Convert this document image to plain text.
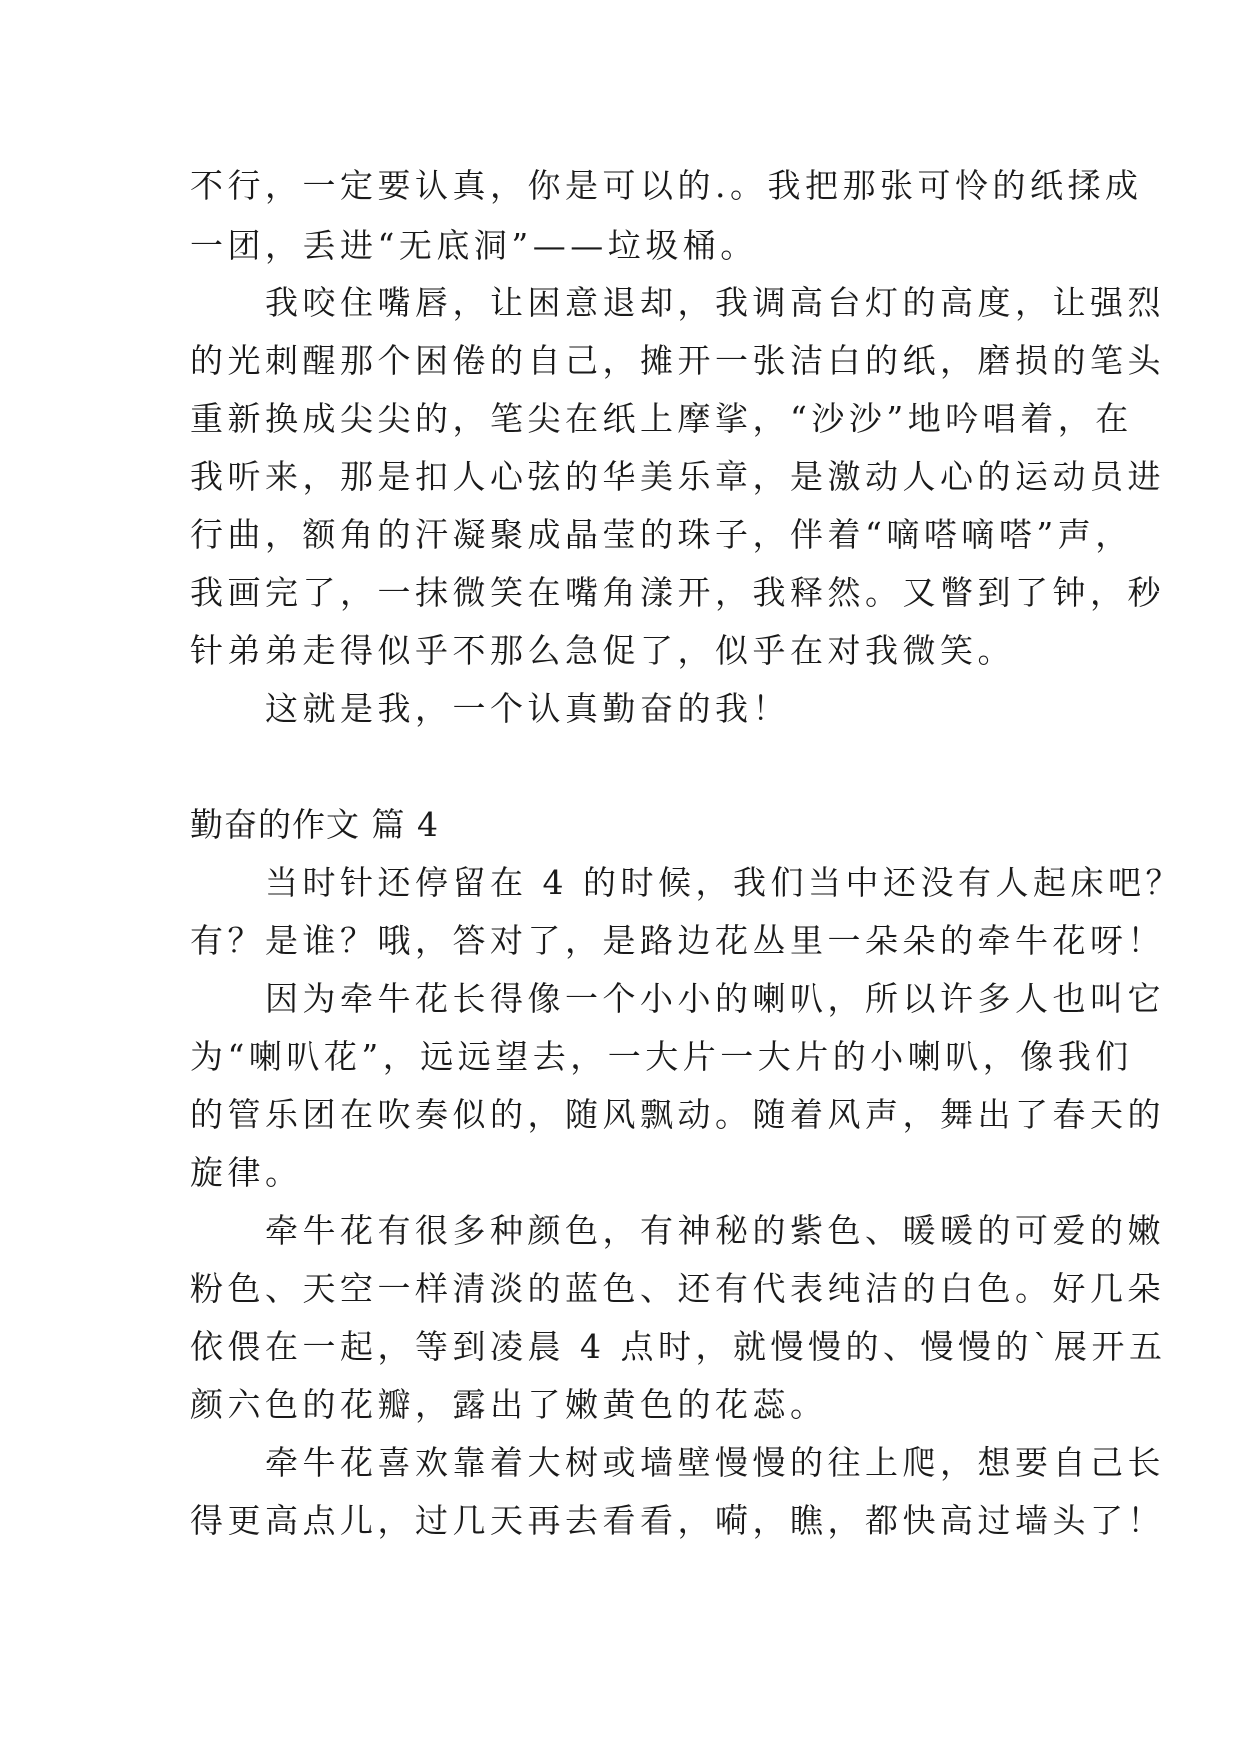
不行，一定要认真，你是可以的.。我把那张可怜的纸揉成
一团，丢进“无底洞”——垃圾桶。
　　我咬住嘴唇，让困意退却，我调高台灯的高度，让强烈
的光刺醒那个困倦的自己，摊开一张洁白的纸，磨损的笔头
重新换成尖尖的，笔尖在纸上摩挲，“沙沙”地吟唱着，在
我听来，那是扣人心弦的华美乐章，是激动人心的运动员进
行曲，额角的汗凝聚成晶莹的珠子，伴着“嘀嗒嘀嗒”声，
我画完了，一抹微笑在嘴角漾开，我释然。又瞥到了钟，秒
针弟弟走得似乎不那么急促了，似乎在对我微笑。
　　这就是我，一个认真勤奋的我！
勤奋的作文 篇 4
　　当时针还停留在 4 的时候，我们当中还没有人起床吧？
有？是谁？哦，答对了，是路边花丛里一朵朵的牵牛花呀！
　　因为牵牛花长得像一个小小的喇叭，所以许多人也叫它
为“喇叭花”，远远望去，一大片一大片的小喇叭，像我们
的管乐团在吹奏似的，随风飘动。随着风声，舞出了春天的
旋律。
　　牵牛花有很多种颜色，有神秘的紫色、暖暖的可爱的嫩
粉色、天空一样清淡的蓝色、还有代表纯洁的白色。好几朵
依偎在一起，等到凌晨 4 点时，就慢慢的、慢慢的`展开五
颜六色的花瓣，露出了嫩黄色的花蕊。
　　牵牛花喜欢靠着大树或墙壁慢慢的往上爬，想要自己长
得更高点儿，过几天再去看看，嗬，瞧，都快高过墙头了！
